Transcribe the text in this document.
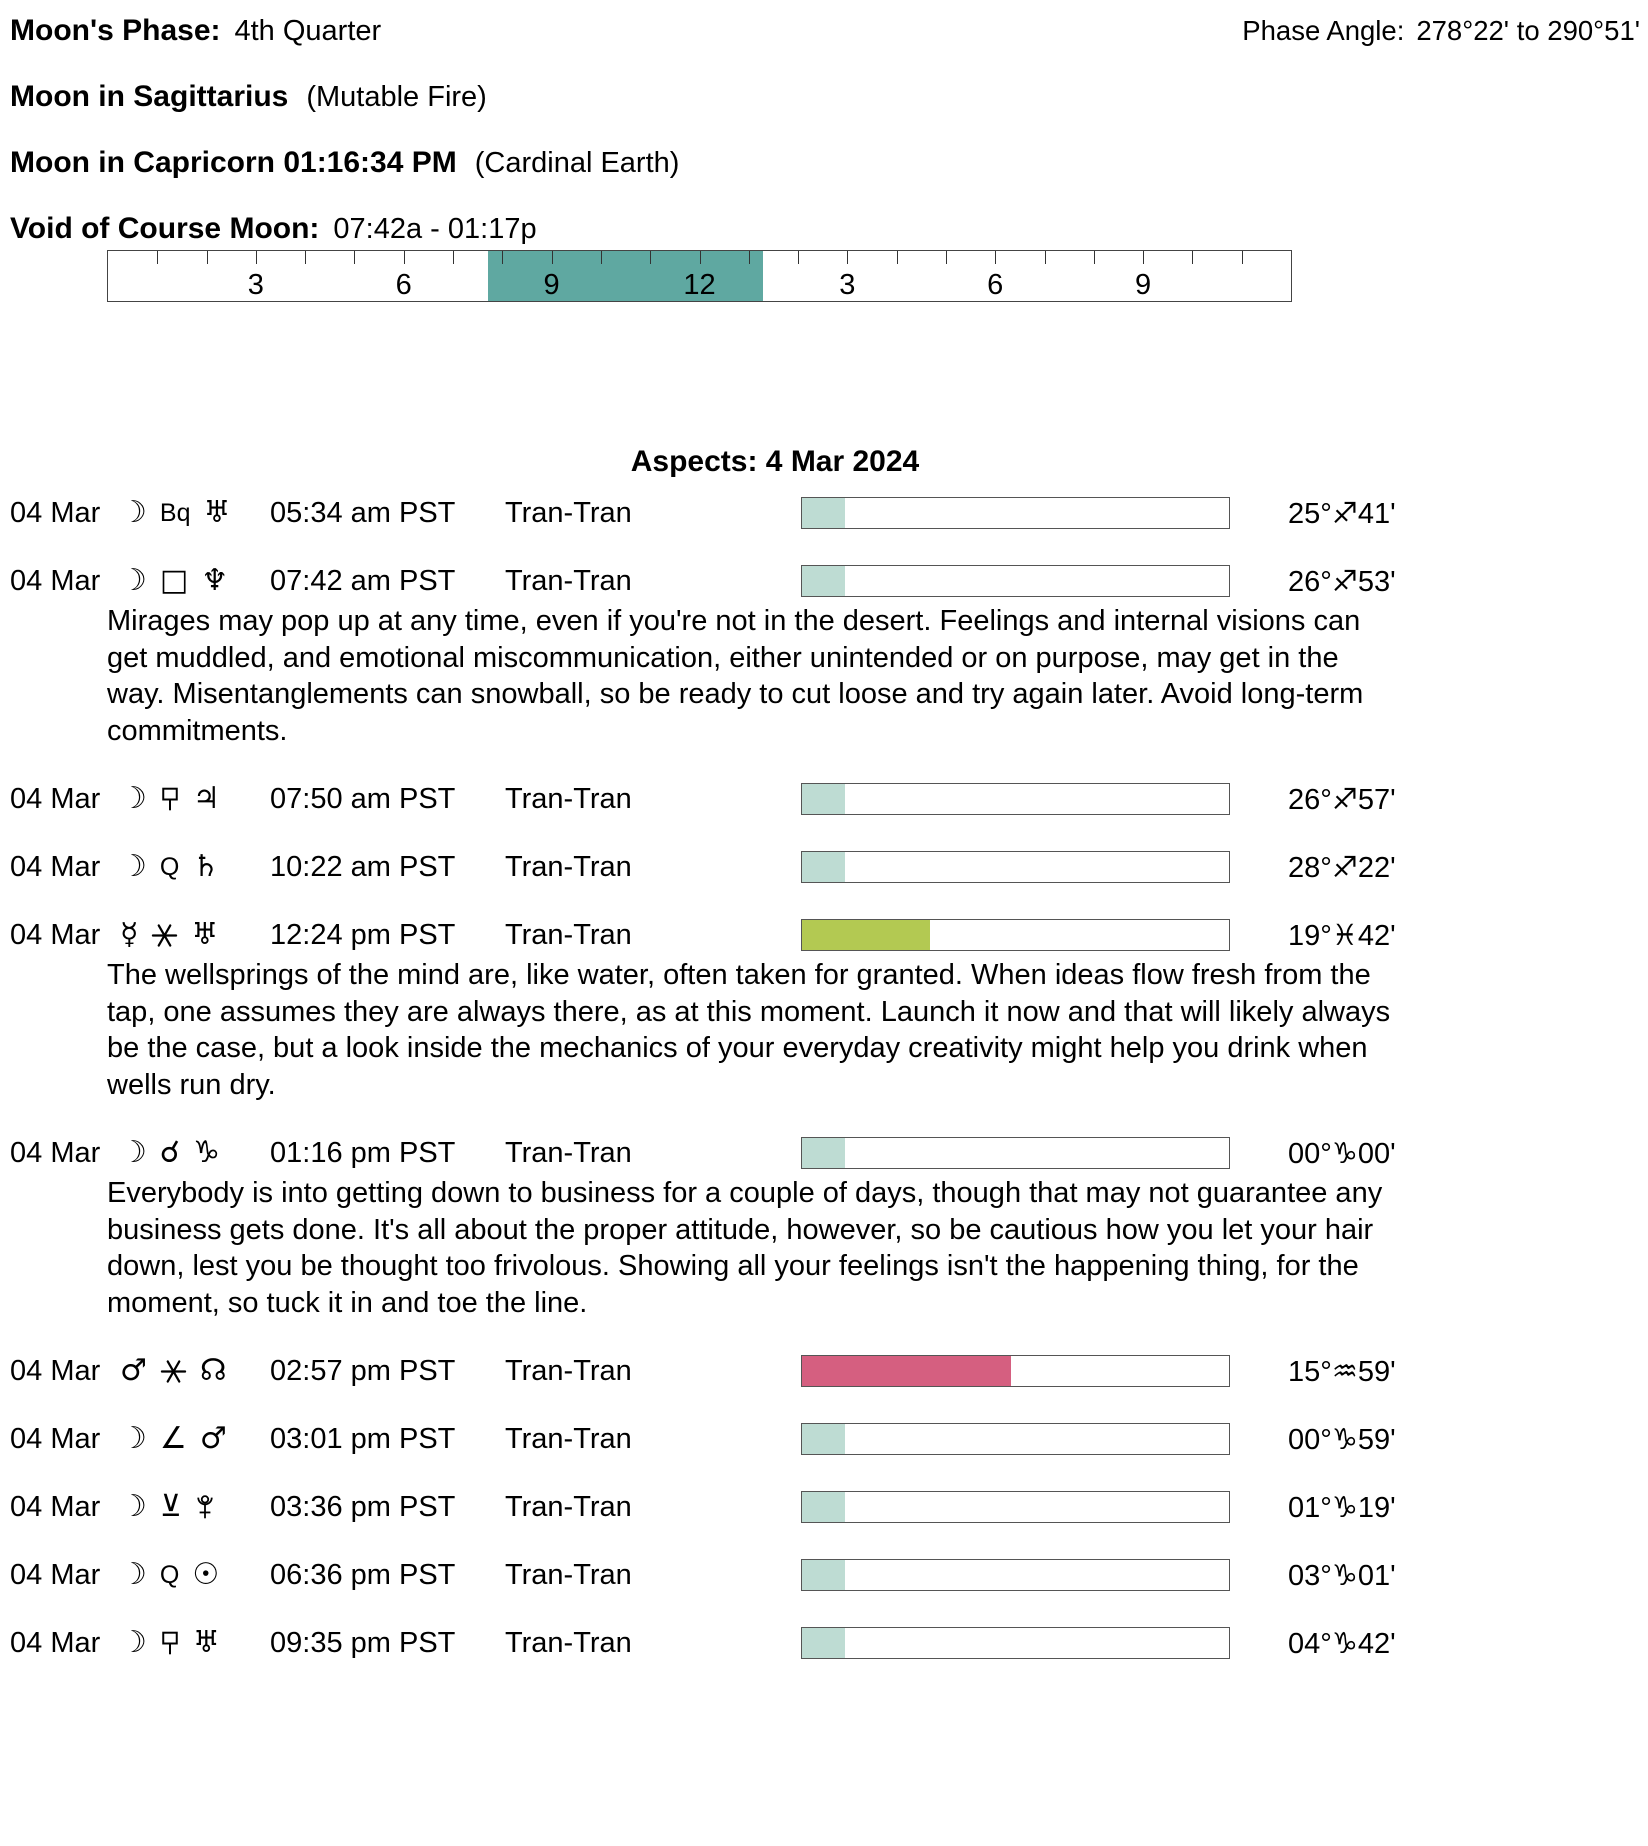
Moon's Phase: 4th Quarter	Phase Angle: 278°22' to 290°51'
Moon in Sagittarius (Mutable Fire)
Moon in Capricorn 01:16:34 PM (Cardinal Earth)
Void of Course Moon: 07:42a - 01:17p
3	6	9	12	3	6	9
Aspects: 4 Mar 2024
04 Mar ☽ Bq ♅ 05:34 am PST	Tran-Tran	25°♐41'
04 Mar ☽ □ ♆ 07:42 am PST	Tran-Tran	26°♐53'

Mirages may pop up at any time, even if you're not in the desert. Feelings and internal visions can get muddled, and emotional miscommunication, either unintended or on purpose, may get in the way. Misentanglements can snowball, so be ready to cut loose and try again later. Avoid long-term commitments.

04 Mar ☽ ♃ 07:50 am PST	Tran-Tran	26°♐57'
04 Mar ☽ Q ♄ 10:22 am PST	Tran-Tran	28°♐22'
04 Mar ☿ ♅ 12:24 pm PST	Tran-Tran	19°♓42'

The wellsprings of the mind are, like water, often taken for granted. When ideas flow fresh from the tap, one assumes they are always there, as at this moment. Launch it now and that will likely always be the case, but a look inside the mechanics of your everyday creativity might help you drink when wells run dry.

04 Mar ☽ ☌ ♑ 01:16 pm PST	Tran-Tran	00°♑00'

Everybody is into getting down to business for a couple of days, though that may not guarantee any business gets done. It's all about the proper attitude, however, so be cautious how you let your hair down, lest you be thought too frivolous. Showing all your feelings isn't the happening thing, for the moment, so tuck it in and toe the line.

04 Mar ♂ ☊ 02:57 pm PST	Tran-Tran	15°♒59'
04 Mar ☽ ∠ ♂ 03:01 pm PST	Tran-Tran	00°♑59'
04 Mar ☽ ⊻	03:36 pm PST	Tran-Tran	01°♑19'
04 Mar ☽ Q ☉ 06:36 pm PST	Tran-Tran	03°♑01'
04 Mar ☽ ♅ 09:35 pm PST	Tran-Tran	04°♑42'
